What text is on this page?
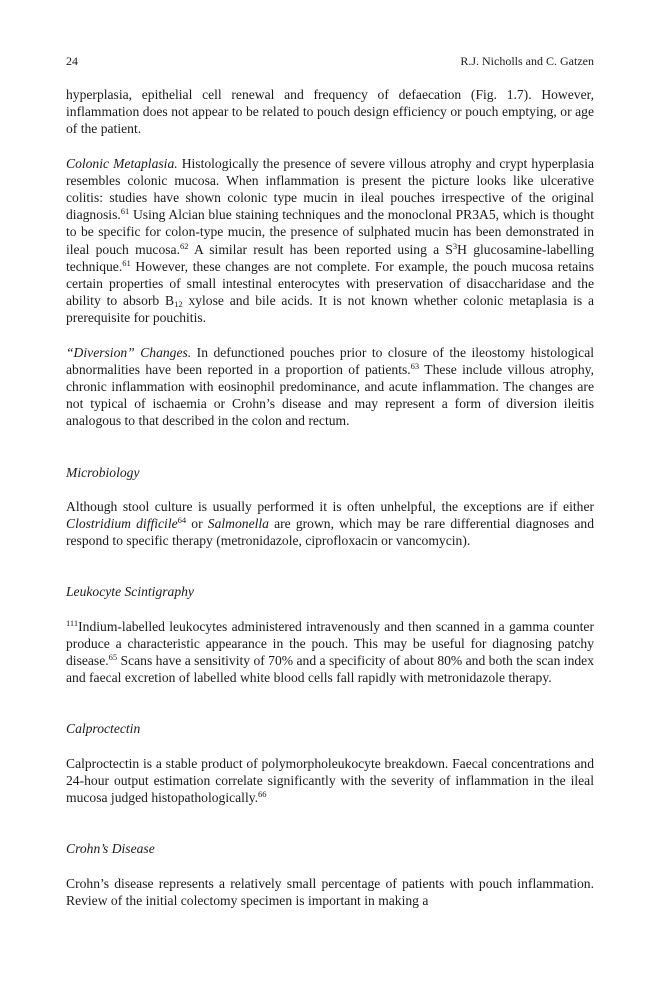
24	R.J. Nicholls and C. Gatzen

hyperplasia, epithelial cell renewal and frequency of defaecation (Fig. 1.7). However, inflammation does not appear to be related to pouch design efficiency or pouch emptying, or age of the patient.

Colonic Metaplasia. Histologically the presence of severe villous atrophy and crypt hyperplasia resembles colonic mucosa. When inflammation is present the picture looks like ulcerative colitis: studies have shown colonic type mucin in ileal pouches irrespective of the original diagnosis.$^{61}$ Using Alcian blue staining techniques and the monoclonal PR3A5, which is thought to be specific for colon-type mucin, the presence of sulphated mucin has been demonstrated in ileal pouch mucosa.$^{62}$ A similar result has been reported using a $S^3H$ glucosamine-labelling technique.$^{61}$ However, these changes are not complete. For example, the pouch mucosa retains certain properties of small intestinal enterocytes with preservation of disaccharidase and the ability to absorb $B_{12}$ xylose and bile acids. It is not known whether colonic metaplasia is a prerequisite for pouchitis.

“Diversion” Changes. In defunctioned pouches prior to closure of the ileostomy histological abnormalities have been reported in a proportion of patients.$^{63}$ These include villous atrophy, chronic inflammation with eosinophil predominance, and acute inflammation. The changes are not typical of ischaemia or Crohn’s disease and may represent a form of diversion ileitis analogous to that described in the colon and rectum.

Microbiology

Although stool culture is usually performed it is often unhelpful, the exceptions are if either Clostridium difficile$^{64}$ or Salmonella are grown, which may be rare differential diagnoses and respond to specific therapy (metronidazole, ciprofloxacin or vancomycin).

Leukocyte Scintigraphy

$^{111}$Indium-labelled leukocytes administered intravenously and then scanned in a gamma counter produce a characteristic appearance in the pouch. This may be useful for diagnosing patchy disease.$^{65}$ Scans have a sensitivity of 70% and a specificity of about 80% and both the scan index and faecal excretion of labelled white blood cells fall rapidly with metronidazole therapy.

Calproctectin

Calproctectin is a stable product of polymorpholeukocyte breakdown. Faecal concentrations and 24-hour output estimation correlate significantly with the severity of inflammation in the ileal mucosa judged histopathologically.$^{66}$

Crohn’s Disease

Crohn’s disease represents a relatively small percentage of patients with pouch inflammation. Review of the initial colectomy specimen is important in making a
